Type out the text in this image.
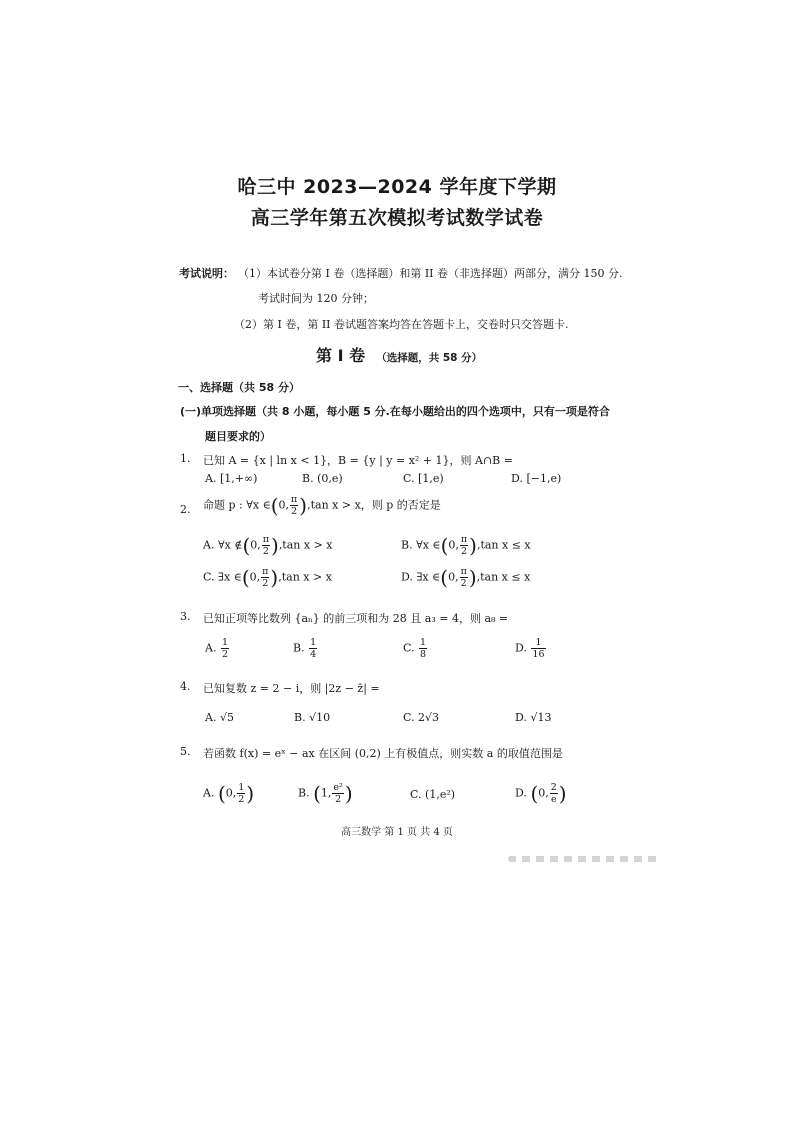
哈三中 2023—2024 学年度下学期
高三学年第五次模拟考试数学试卷
考试说明： （1）本试卷分第 I 卷（选择题）和第 II 卷（非选择题）两部分，满分 150 分.
考试时间为 120 分钟；
（2）第 I 卷，第 II 卷试题答案均答在答题卡上，交卷时只交答题卡.
第 I 卷 （选择题，共 58 分）
一、选择题（共 58 分）
(一)单项选择题（共 8 小题，每小题 5 分.在每小题给出的四个选项中，只有一项是符合
题目要求的）
1. 已知 A = {x | ln x < 1}，B = {y | y = x² + 1}，则 A∩B =
A. [1,+∞)	B. (0,e)	C. [1,e)	D. [−1,e)
2. 命题 p : ∀x ∈(0, $\frac{\pi}{2} ),\tan$ x > x，则 p 的否定是
A. ∀x ∉(0, $\frac{\pi}{2} ),\tan$ x > x	B. ∀x ∈(0, $\frac{\pi}{2} ),\tan$ x ≤ x
C. ∃x ∈(0, $\frac{\pi}{2} ),\tan$ x > x	D. ∃x ∈(0, $\frac{\pi}{2} ),\tan$ x ≤ x
3. 已知正项等比数列 {aₙ} 的前三项和为 28 且 a₃ = 4，则 a₈ =
A. $\frac{1}{2}$	B. $\frac{1}{4}$	C. $\frac{1}{8}$	D. $\frac{1}{16}$
4. 已知复数 z = 2 − i，则 |2z − z̄| =
A. √5	B. √10	C. 2√3	D. √13
5. 若函数 f(x) = eˣ − ax 在区间 (0,2) 上有极值点，则实数 a 的取值范围是
A. (0, $\frac{1}{2}$ )	B. (1, $\frac{\text{e²}}{2}$ )	C. (1,e²)	D. (0, $\frac{2}{e}$ )
高三数学 第 1 页 共 4 页
